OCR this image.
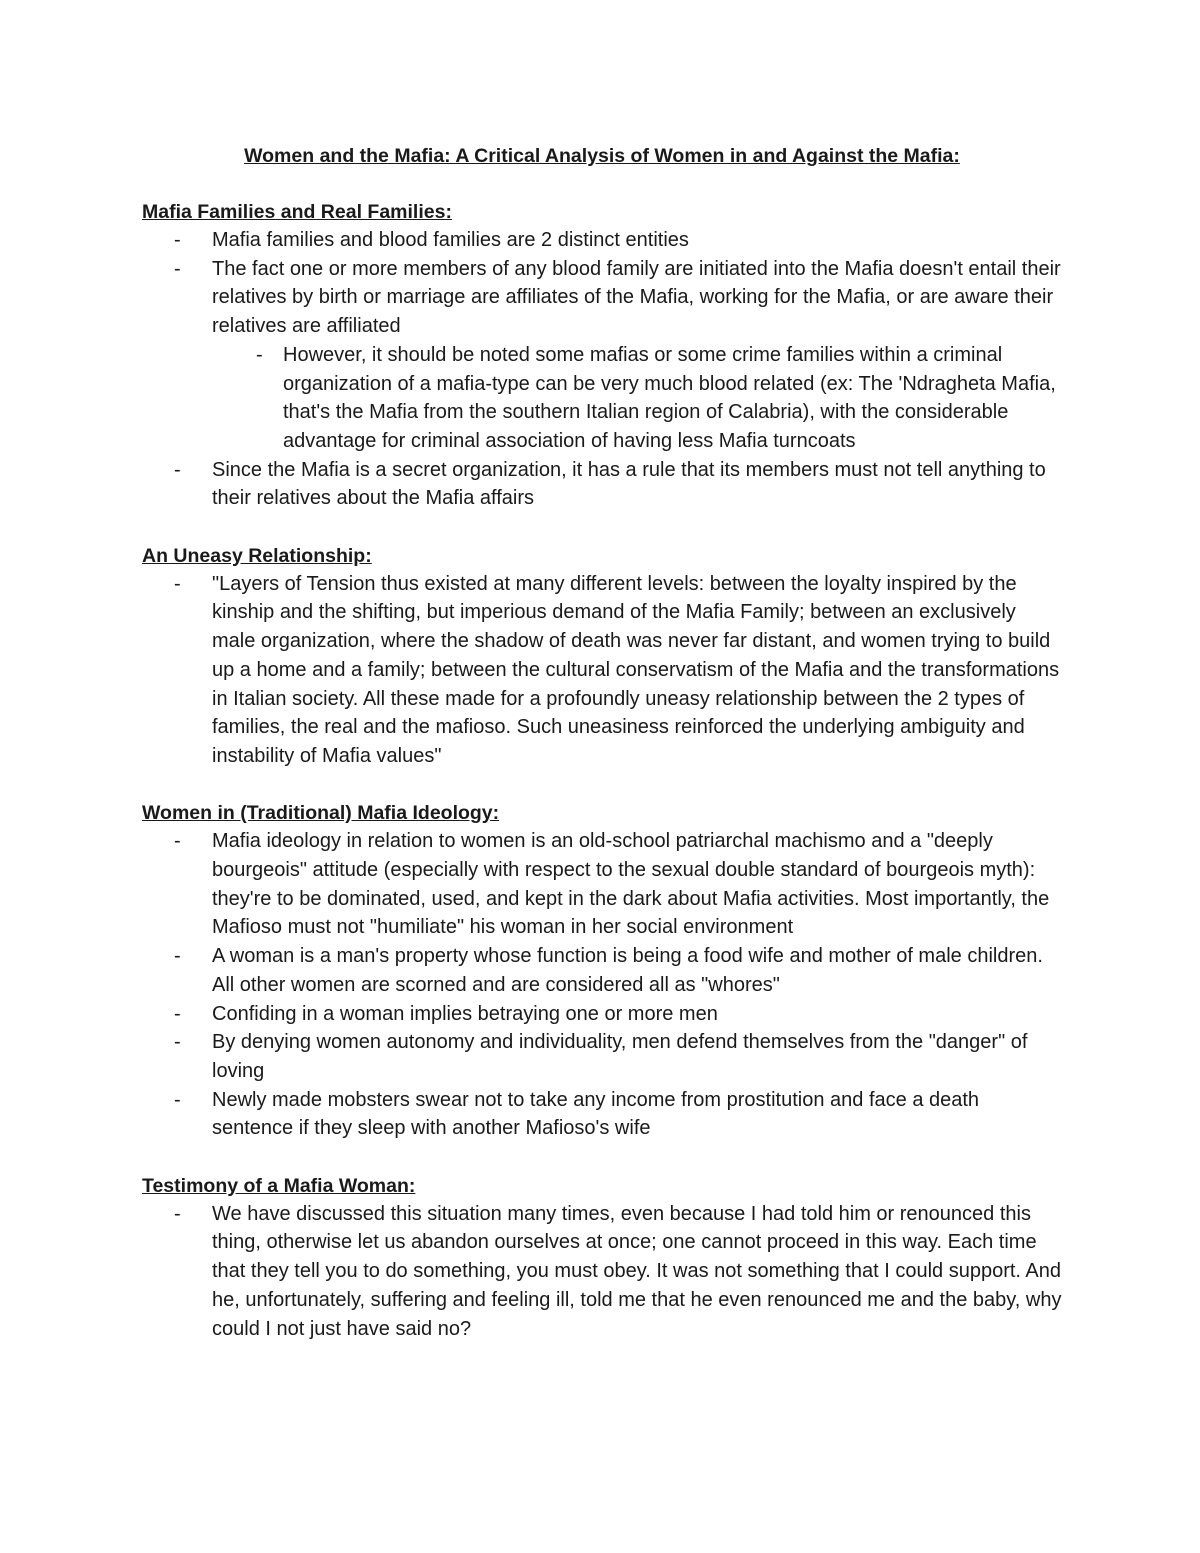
Women and the Mafia: A Critical Analysis of Women in and Against the Mafia:
Mafia Families and Real Families:
- Mafia families and blood families are 2 distinct entities
- The fact one or more members of any blood family are initiated into the Mafia doesn't entail their relatives by birth or marriage are affiliates of the Mafia, working for the Mafia, or are aware their relatives are affiliated
- However, it should be noted some mafias or some crime families within a criminal organization of a mafia-type can be very much blood related (ex: The 'Ndragheta Mafia, that's the Mafia from the southern Italian region of Calabria), with the considerable advantage for criminal association of having less Mafia turncoats
- Since the Mafia is a secret organization, it has a rule that its members must not tell anything to their relatives about the Mafia affairs
An Uneasy Relationship:
- "Layers of Tension thus existed at many different levels: between the loyalty inspired by the kinship and the shifting, but imperious demand of the Mafia Family; between an exclusively male organization, where the shadow of death was never far distant, and women trying to build up a home and a family; between the cultural conservatism of the Mafia and the transformations in Italian society. All these made for a profoundly uneasy relationship between the 2 types of families, the real and the mafioso. Such uneasiness reinforced the underlying ambiguity and instability of Mafia values"
Women in (Traditional) Mafia Ideology:
- Mafia ideology in relation to women is an old-school patriarchal machismo and a "deeply bourgeois" attitude (especially with respect to the sexual double standard of bourgeois myth): they're to be dominated, used, and kept in the dark about Mafia activities. Most importantly, the Mafioso must not "humiliate" his woman in her social environment
- A woman is a man's property whose function is being a food wife and mother of male children. All other women are scorned and are considered all as "whores"
- Confiding in a woman implies betraying one or more men
- By denying women autonomy and individuality, men defend themselves from the "danger" of loving
- Newly made mobsters swear not to take any income from prostitution and face a death sentence if they sleep with another Mafioso's wife
Testimony of a Mafia Woman:
- We have discussed this situation many times, even because I had told him or renounced this thing, otherwise let us abandon ourselves at once; one cannot proceed in this way. Each time that they tell you to do something, you must obey. It was not something that I could support. And he, unfortunately, suffering and feeling ill, told me that he even renounced me and the baby, why could I not just have said no?
